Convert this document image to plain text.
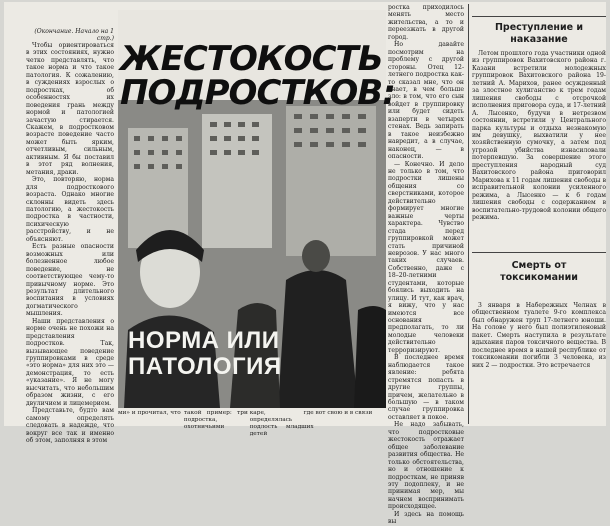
(Окончание. Начало на 1 стр.)

Чтобы ориентироваться в этих состояниях, нужно четко представлять, что такое норма и что такое патология. К сожалению, в суждениях взрослых о подростках, об особенностях их поведения грань между нормой и патологией зачастую стирается. Скажем, в подростковом возрасте поведение часто может быть ярким, отчетливым, сильным, активным. Я бы поставил в этот ряд волнения, метания, драки.

Это, повторяю, норма для подросткового возраста. Однако многие склонны видеть здесь патологию, а жестокость подростка в частности, психическую расстройству, и не объясняют.

Есть разные опасности возможных или болезненное любое поведение, не соответствующее чему-то привычному норме. Это результат длительного воспитания в условиях догматического мышления.

Наши представления о норме очень не похожи на представления подростков. Так, вызывающее поведение группировками в среде «это норма» для них это — демонстрация, то есть «указание». Я не могу высчитать, что небольшим образом жизни, с его двуличием и лицемерием.

Представьте, будто вам самому определять следовать в надежде, что вокруг все так и именно об этом, заполняя в этом

ЖЕСТОКОСТЬ
ПОДРОСТКОВ:
НОРМА ИЛИ
ПАТОЛОГИЯ
ми» и прочитал, что такой пример: три подростка, охотничьими каре, где определялась подлость младших детей вот свою и в связи

ростка приходилось менять место жительства, а то и переезжать в другой город.

Но давайте посмотрим на проблему с другой стороны. Отец 12-летнего подростка как-то сказал мне, что он знает, в чем больше зло: в том, что его сын войдет в группировку или будет сидеть взаперти в четырех стенах. Ведь запирать в такое неизбежно навредит, а в случае, наконец, — в опасности.

— Конечно. И дело не только в том, что подростки лишены общения со сверстниками, которое действительно формирует многие важные черты характера. Чувство стада перед группировкой может стать причиной неврозов. У нас много таких случаев. Собственно, даже с 18–20-летними студентами, которые боялись выходить на улицу. И тут, как врач, я вижу, что у нас имеются все основания предполагать, то ли молодые человеки действительно терроризируют.

В последнее время наблюдается такое явление: ребята стремятся попасть в другие группы, причем, желательно в большую — в таком случае группировка оставляет в покое.

Не надо забывать, что подростковые жестокость отражает общее заболевание развития общества. Не только обстоятельства, но и отношение к подросткам, не приняв эту подоплеку, и не принимая мер, мы начнем воспринимать происходящее.

И здесь на помощь вы

Преступление и наказание

Летом прошлого года участники одной из группировок Вахитовского района г. Казани встретили молодежных группировок Вахитовского района 19-летний А. Марихов, ранее осужденный за злостное хулиганство к трем годам лишения свободы с отсрочкой исполнения приговора суда, и 17-летний А. Лысенко, будучи в нетрезвом состоянии, встретили у Центрального парка культуры и отдыха незнакомую им девушку, выхватили у нее хозяйственную сумочку, а затем под угрозой убийства изнасиловали потерпевшую. За совершение этого преступления народный суд Вахитовского района приговорил Марихова к 11 годам лишения свободы в исправительной колонии усиленного режима, а Лысенко — к 6 годам лишения свободы с содержанием в воспитательно-трудовой колонии общего режима.

Смерть от токсикомании

3 января в Набережных Челнах в общественном туалете 9-го комплекса был обнаружен труп 17-летнего юноши. На голове у него был полиэтиленовый пакет. Смерть наступила в результате вдыхания паров токсичного вещества. В последнее время в нашей республике от токсикомании погибли 3 человека, из них 2 — подростки. Это встречается
